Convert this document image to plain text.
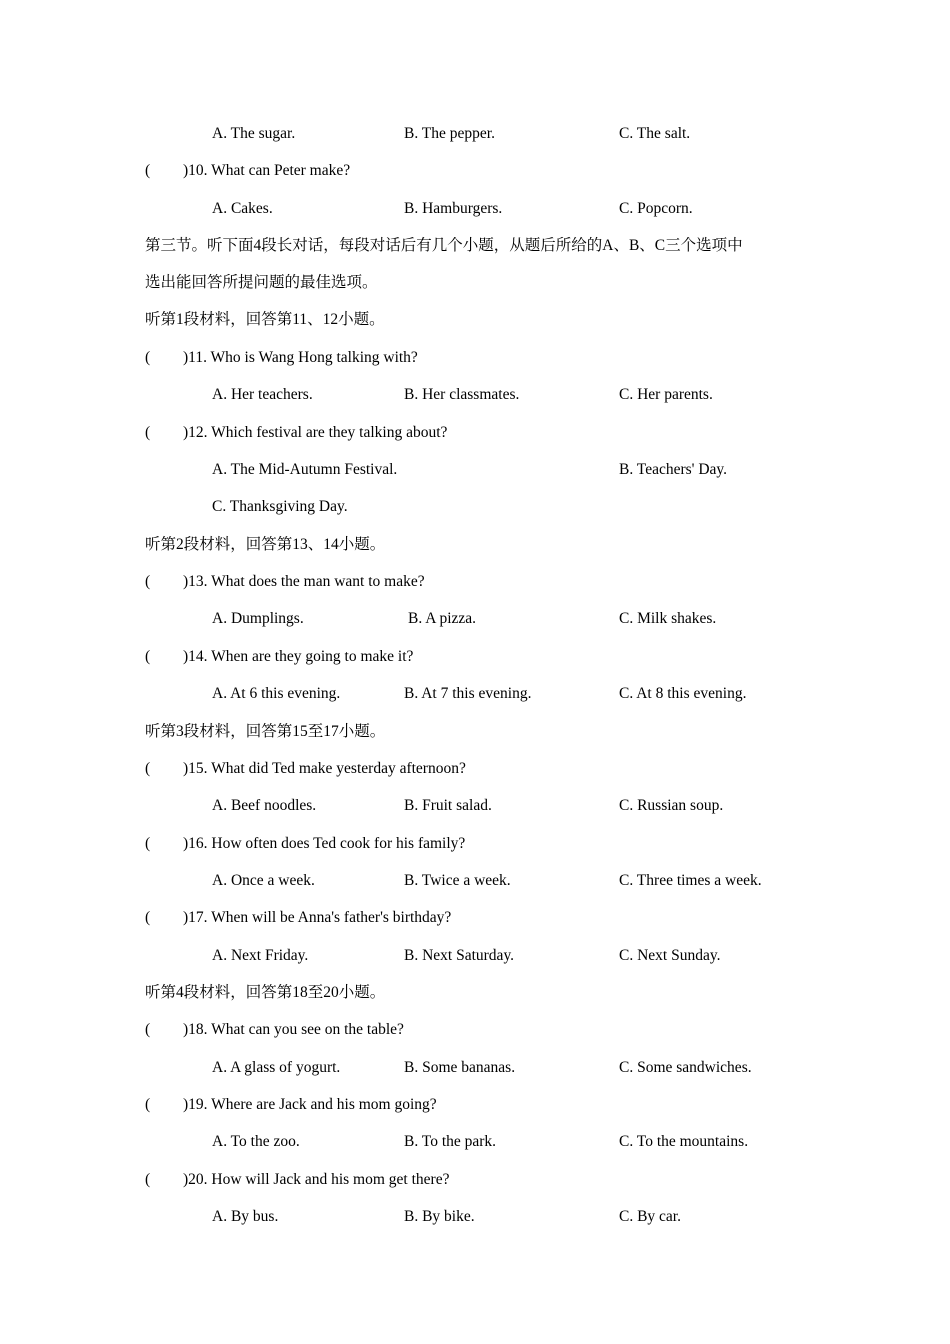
A. The sugar.	B. The pepper.	C. The salt.
( )10. What can Peter make?
A. Cakes.	B. Hamburgers.	C. Popcorn.
第三节。听下面4段长对话，每段对话后有几个小题，从题后所给的A、B、C三个选项中
选出能回答所提问题的最佳选项。
听第1段材料，回答第11、12小题。
( )11. Who is Wang Hong talking with?
A. Her teachers.	B. Her classmates.	C. Her parents.
( )12. Which festival are they talking about?
A. The Mid-Autumn Festival.	B. Teachers' Day.
C. Thanksgiving Day.
听第2段材料，回答第13、14小题。
( )13. What does the man want to make?
A. Dumplings.	B. A pizza.	C. Milk shakes.
( )14. When are they going to make it?
A. At 6 this evening.	B. At 7 this evening.	C. At 8 this evening.
听第3段材料，回答第15至17小题。
( )15. What did Ted make yesterday afternoon?
A. Beef noodles.	B. Fruit salad.	C. Russian soup.
( )16. How often does Ted cook for his family?
A. Once a week.	B. Twice a week.	C. Three times a week.
( )17. When will be Anna's father's birthday?
A. Next Friday.	B. Next Saturday.	C. Next Sunday.
听第4段材料，回答第18至20小题。
( )18. What can you see on the table?
A. A glass of yogurt.	B. Some bananas.	C. Some sandwiches.
( )19. Where are Jack and his mom going?
A. To the zoo.	B. To the park.	C. To the mountains.
( )20. How will Jack and his mom get there?
A. By bus.	B. By bike.	C. By car.
